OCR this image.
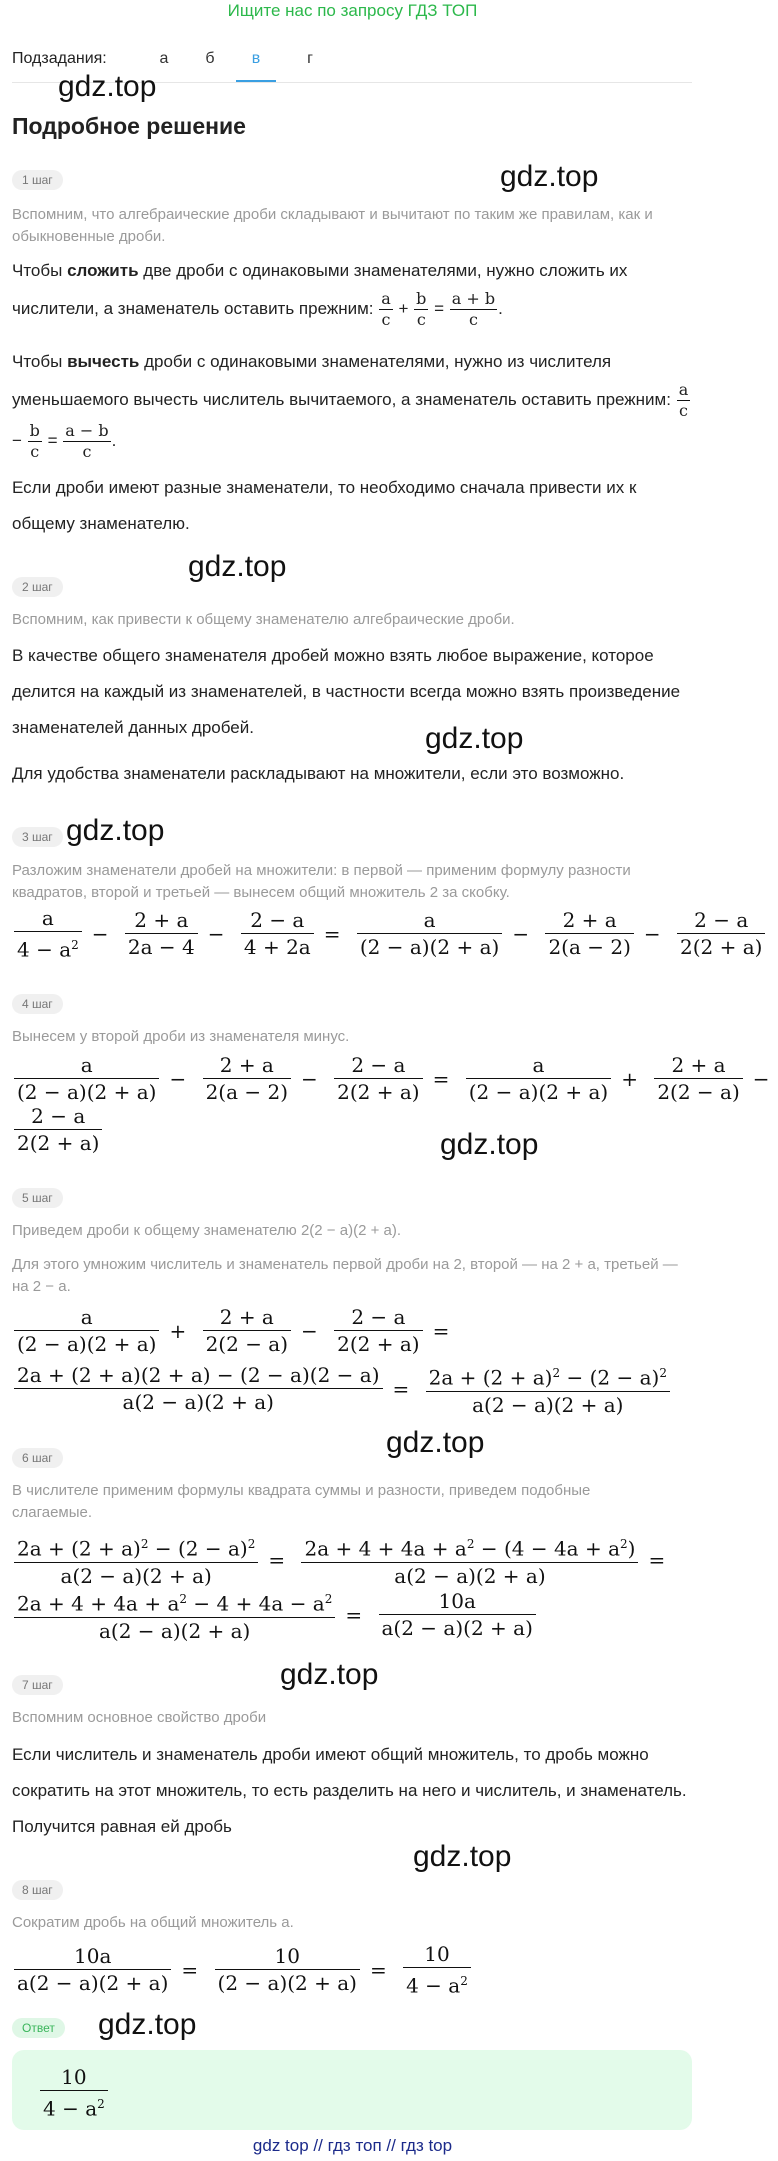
Ищите нас по запросу ГДЗ ТОП
Подзадания:	а	б	в	г
gdz.top
Подробное решение
1 шаг	gdz.top
Вспомним, что алгебраические дроби складывают и вычитают по таким же правилам, как и обыкновенные дроби.
Чтобы сложить две дроби с одинаковыми знаменателями, нужно сложить их числители, а знаменатель оставить прежним: $\frac{a}{c} + \frac{b}{c} = \frac{a + b}{c}$ .
Чтобы вычесть дроби с одинаковыми знаменателями, нужно из числителя уменьшаемого вычесть числитель вычитаемого, а знаменатель оставить прежним: $\frac{a}{c}$
− $\frac{b}{c} = \frac{a - b}{c}$ .
Если дроби имеют разные знаменатели, то необходимо сначала привести их к общему знаменателю.
gdz.top
2 шаг
Вспомним, как привести к общему знаменателю алгебраические дроби.
В качестве общего знаменателя дробей можно взять любое выражение, которое делится на каждый из знаменателей, в частности всегда можно взять произведение знаменателей данных дробей.	gdz.top
Для удобства знаменатели раскладывают на множители, если это возможно.
3 шаг gdz.top
Разложим знаменатели дробей на множители: в первой — применим формулу разности квадратов, второй и третьей — вынесем общий множитель 2 за скобку.
$\frac{a}{4 - a^2} - \frac{2 + a}{2a - 4} - \frac{2 - a}{4 + 2a} = \frac{a}{(2 - a)(2 + a)} - \frac{2 + a}{2(a - 2)} - \frac{2 - a}{2(2 + a)}$
4 шаг
Вынесем у второй дроби из знаменателя минус.
$\frac{a}{(2 - a)(2 + a)} - \frac{2 + a}{2(a - 2)} - \frac{2 - a}{2(2 + a)} = \frac{a}{(2 - a)(2 + a)} + \frac{2 + a}{2(2 - a)}$ −
$\frac{2 - a}{2(2 + a)}$	gdz.top
5 шаг
Приведем дроби к общему знаменателю 2(2 − a)(2 + a).
Для этого умножим числитель и знаменатель первой дроби на 2, второй — на 2 + a, третьей — на 2 − a.
$\frac{a}{(2 - a)(2 + a)} + \frac{2 + a}{2(2 - a)} - \frac{2 - a}{2(2 + a)}$ =
$\frac{2a + (2 + a)(2 + a) - (2 - a)(2 - a)}{a(2 - a)(2 + a)} = \frac{2a + (2 + a)^2 - (2 - a)^2}{a(2 - a)(2 + a)}$
gdz.top
6 шаг
В числителе применим формулы квадрата суммы и разности, приведем подобные слагаемые.
$\frac{2a + (2 + a)^2 - (2 - a)^2}{a(2 - a)(2 + a)} = \frac{2a + 4 + 4a + a^2 - (4 - 4a + a^2)}{a(2 - a)(2 + a)}$ =
$\frac{2a + 4 + 4a + a^2 - 4 + 4a - a^2}{a(2 - a)(2 + a)} = \frac{10a}{a(2 - a)(2 + a)}$
gdz.top
7 шаг
Вспомним основное свойство дроби
Если числитель и знаменатель дроби имеют общий множитель, то дробь можно сократить на этот множитель, то есть разделить на него и числитель, и знаменатель. Получится равная ей дробь
gdz.top
8 шаг
Сократим дробь на общий множитель a.
$\frac{10a}{a(2 - a)(2 + a)} = \frac{10}{(2 - a)(2 + a)} = \frac{10}{4 - a^2}$
Ответ	gdz.top
$\frac{10}{4 - a^2}$
gdz top // гдз топ // гдз top
